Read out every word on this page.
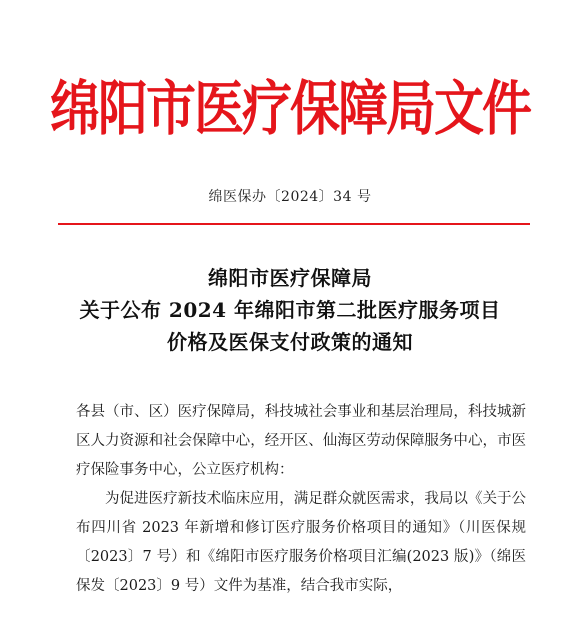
绵阳市医疗保障局文件
绵医保办〔2024〕34 号
绵阳市医疗保障局
关于公布 2024 年绵阳市第二批医疗服务项目
价格及医保支付政策的通知

各县（市、区）医疗保障局，科技城社会事业和基层治理局，科技城新区人力资源和社会保障中心，经开区、仙海区劳动保障服务中心，市医疗保险事务中心，公立医疗机构：

为促进医疗新技术临床应用，满足群众就医需求，我局以《关于公布四川省 2023 年新增和修订医疗服务价格项目的通知》（川医保规〔2023〕7 号）和《绵阳市医疗服务价格项目汇编(2023 版)》（绵医保发〔2023〕9 号）文件为基准，结合我市实际，
